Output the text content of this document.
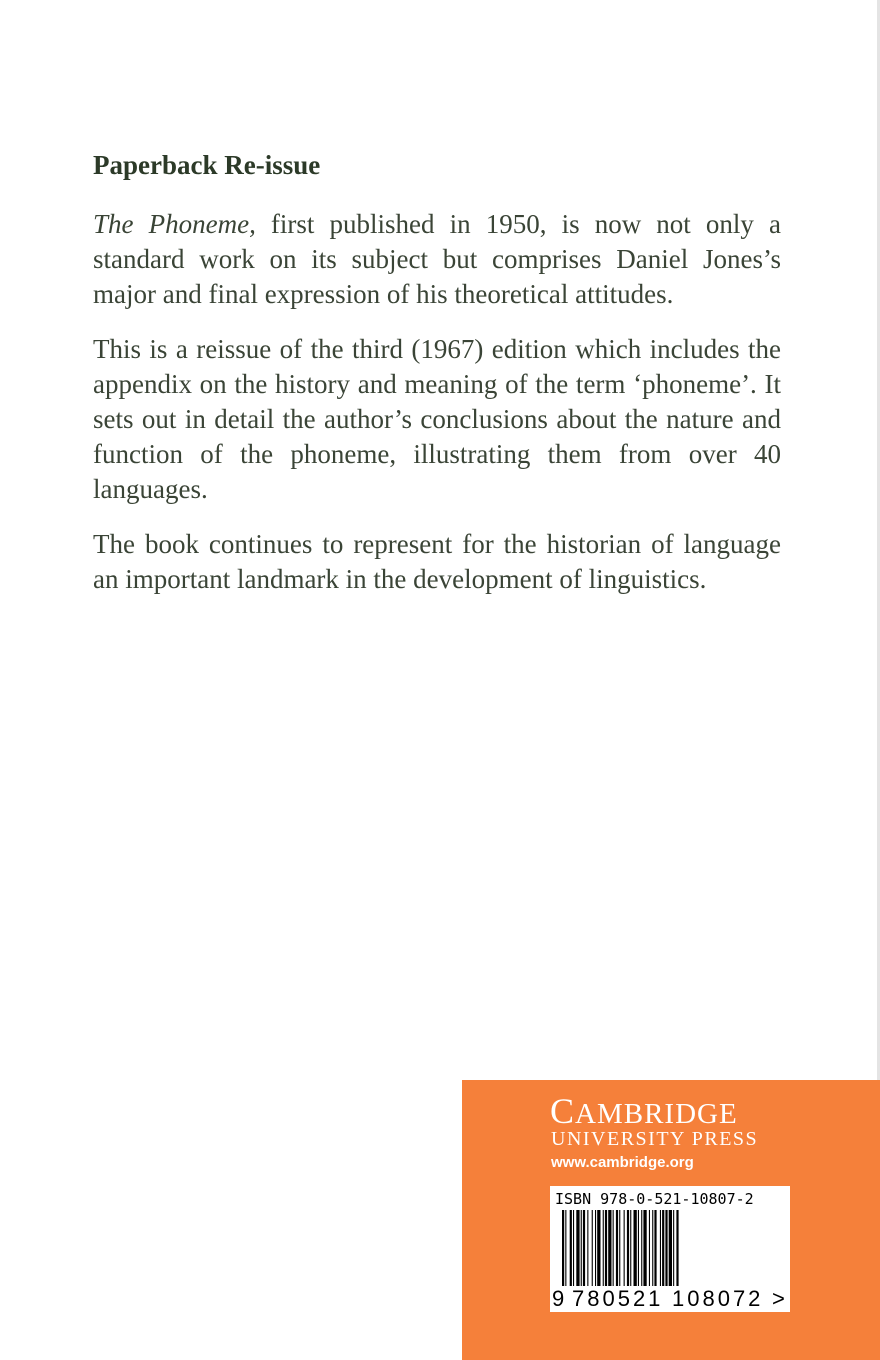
Paperback Re-issue

The Phoneme, first published in 1950, is now not only a standard work on its subject but comprises Daniel Jones’s major and final expression of his theoretical attitudes.

This is a reissue of the third (1967) edition which includes the appendix on the history and meaning of the term ‘phoneme’. It sets out in detail the author’s conclusions about the nature and function of the phoneme, illustrating them from over 40 languages.

The book continues to represent for the historian of language an important landmark in the development of linguistics.

CAMBRIDGE
UNIVERSITY PRESS
www.cambridge.org
ISBN 978-0-521-10807-2
9 780521 108072 >
